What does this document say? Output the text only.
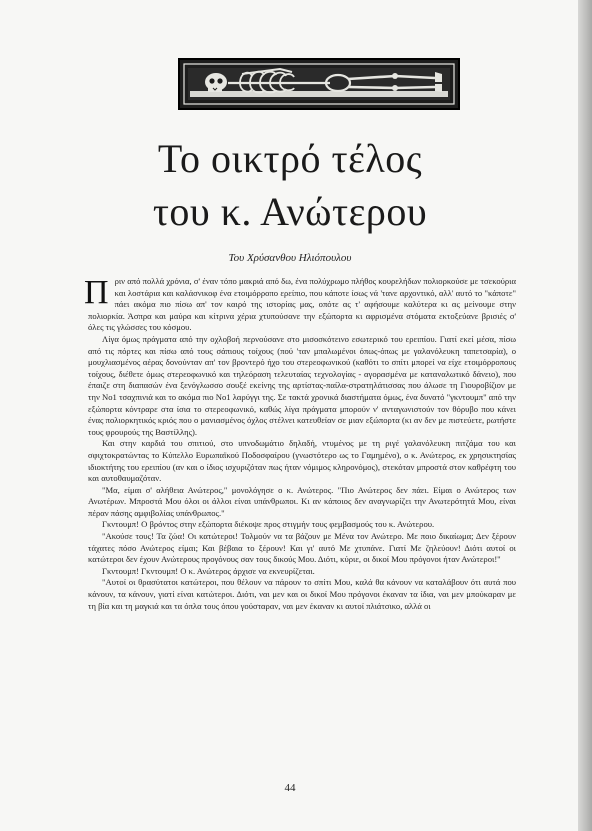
Το οικτρό τέλος
του κ. Ανώτερου
Του Χρύσανθου Ηλιόπουλου

Πριν από πολλά χρόνια, σ' έναν τόπο μακριά από δω, ένα πολύχρωμο πλήθος κουρελήδων πολιορκούσε με τσεκούρια και λοστάρια και καλάσνικοφ ένα ετοιμόρροπο ερείπιο, που κάποτε ίσως νά 'τανε αρχοντικό, αλλ' αυτό το "κάποτε" πάει ακόμα πιο πίσω απ' τον καιρό της ιστορίας μας, οπότε ας τ' αφήσουμε καλύτερα κι ας μείνουμε στην πολιορκία. Άσπρα και μαύρα και κίτρινα χέρια χτυπούσανε την εξώπορτα κι αφρισμένα στόματα εκτοξεύανε βρισιές σ' όλες τις γλώσσες του κόσμου.

Λίγα όμως πράγματα από την οχλοβοή περνούσανε στο μισοσκότεινο εσωτερικό του ερειπίου. Γιατί εκεί μέσα, πίσω από τις πόρτες και πίσω από τους σάπιους τοίχους (πού 'ταν μπαλωμένοι όπως-όπως με γαλανόλευκη ταπετσαρία), ο μουχλιασμένος αέρας δονούνταν απ' τον βροντερό ήχο του στερεοφωνικού (καθότι το σπίτι μπορεί να είχε ετοιμόρροπους τοίχους, διέθετε όμως στερεοφωνικό και τηλεόραση τελευταίας τεχνολογίας - αγορασμένα με καταναλωτικό δάνειο), που έπαιζε στη διαπασών ένα ξενόγλωσσο σουξέ εκείνης της αρτίστας-παίλα-στρατηλάτισσας που άλωσε τη Γιουροβίζιον με την Νο1 τσαχπινιά και το ακόμα πιο Νο1 λαρύγγι της. Σε τακτά χρονικά διαστήματα όμως, ένα δυνατό "γκντουμπ" από την εξώπορτα κόντραρε στα ίσια το στερεοφωνικό, καθώς λίγα πράγματα μπορούν ν' ανταγωνιστούν τον θόρυβο που κάνει ένας πολιορκητικός κριός που ο μανιασμένος όχλος στέλνει κατευθείαν σε μιαν εξώπορτα (κι αν δεν με πιστεύετε, ρωτήστε τους φρουρούς της Βαστίλλης).

Και στην καρδιά του σπιτιού, στο υπνοδωμάτιο δηλαδή, ντυμένος με τη ριγέ γαλανόλευκη πιτζάμα του και σφιχτοκρατώντας το Κύπελλο Ευρωπαϊκού Ποδοσφαίρου (γνωστότερο ως το Γαμημένο), ο κ. Ανώτερος, εκ χρησικτησίας ιδιοκτήτης του ερειπίου (αν και ο ίδιος ισχυριζόταν πως ήταν νόμιμος κληρονόμος), στεκόταν μπροστά στον καθρέφτη του και αυτοθαυμαζόταν.

"Μα, είμαι σ' αλήθεια Ανώτερος," μονολόγησε ο κ. Ανώτερος. "Πιο Ανώτερος δεν πάει. Είμαι ο Ανώτερος των Ανωτέρων. Μπροστά Μου όλοι οι άλλοι είναι υπάνθρωποι. Κι αν κάποιος δεν αναγνωρίζει την Ανωτερότητά Μου, είναι πέραν πάσης αμφιβολίας υπάνθρωπος."

Γκντουμπ! Ο βρόντος στην εξώπορτα διέκοψε προς στιγμήν τους φεμβασμούς του κ. Ανώτερου.

"Ακούσε τους! Τα ζώα! Οι κατώτεροι! Τολμούν να τα βάζουν με Μένα τον Ανώτερο. Με ποιο δικαίωμα; Δεν ξέρουν τάχατες πόσο Ανώτερος είμαι; Και βέβαια το ξέρουν! Και γι' αυτό Με χτυπάνε. Γιατί Με ζηλεύουν! Διότι αυτοί οι κατώτεροι δεν έχουν Ανώτερους προγόνους σαν τους δικούς Μου. Διότι, κύριε, οι δικοί Μου πρόγονοι ήταν Ανώτεροι!"

Γκντουμπ! Γκντουμπ! Ο κ. Ανώτερος άρχισε να εκνευρίζεται.

"Αυτοί οι θρασύτατοι κατώτεροι, που θέλουν να πάρουν το σπίτι Μου, καλά θα κάνουν να καταλάβουν ότι αυτά που κάνουν, τα κάνουν, γιατί είναι κατώτεροι. Διότι, ναι μεν και οι δικοί Μου πρόγονοι έκαναν τα ίδια, ναι μεν μπούκαραν με τη βία και τη μαγκιά και τα όπλα τους όπου γούσταραν, ναι μεν έκαναν κι αυτοί πλιάτσικο, αλλά οι

44
